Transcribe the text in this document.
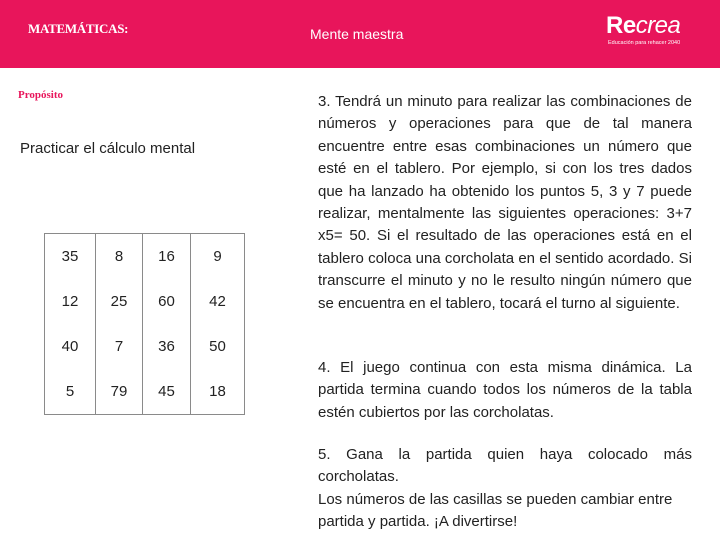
MATEMÁTICAS:	Mente maestra	Recrea
Educación para rehacer 2040
Propósito
Practicar el cálculo mental
35	8	16	9
12	25	60	42
40	7	36	50
5	79	45	18
3. Tendrá un minuto para realizar las combinaciones de números y operaciones para que de tal manera encuentre entre esas combinaciones un número que esté en el tablero. Por ejemplo, si con los tres dados que ha lanzado ha obtenido los puntos 5, 3 y 7 puede realizar, mentalmente las siguientes operaciones: 3+7 x5= 50. Si el resultado de las operaciones está en el tablero coloca una corcholata en el sentido acordado. Si transcurre el minuto y no le resulto ningún número que se encuentra en el tablero, tocará el turno al siguiente.
4. El juego continua con esta misma dinámica. La partida termina cuando todos los números de la tabla estén cubiertos por las corcholatas.
5. Gana la partida quien haya colocado más corcholatas.
Los números de las casillas se pueden cambiar entre partida y partida. ¡A divertirse!
